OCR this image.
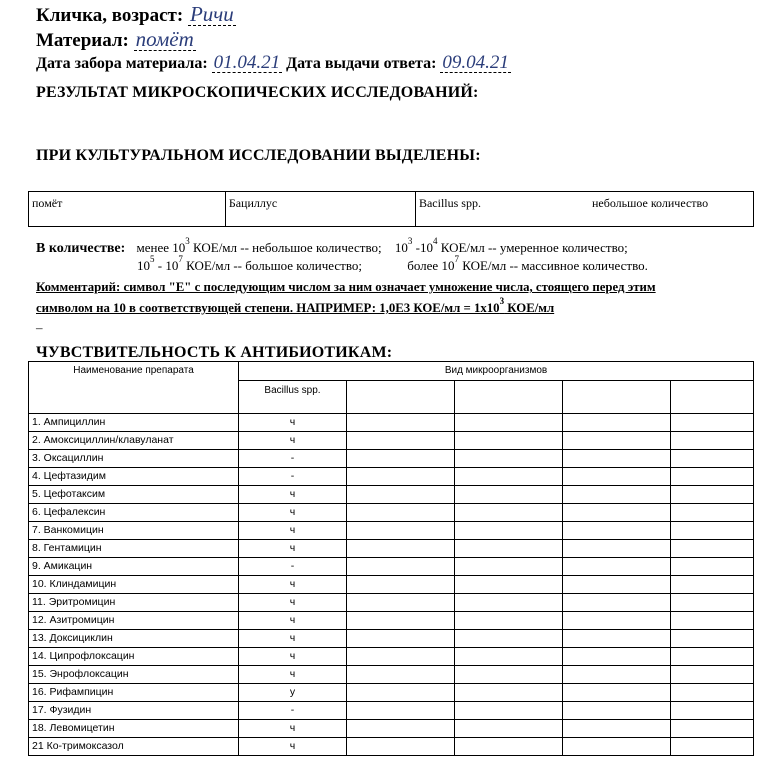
Кличка, возраст: Ричи
Материал: помёт
Дата забора материала: 01.04.21 Дата выдачи ответа: 09.04.21
РЕЗУЛЬТАТ МИКРОСКОПИЧЕСКИХ ИССЛЕДОВАНИЙ:
ПРИ КУЛЬТУРАЛЬНОМ ИССЛЕДОВАНИИ ВЫДЕЛЕНЫ:
помёт	Бациллус	Bacillus spp.	небольшое количество
В количестве: менее $10^3$ КОЕ/мл -- небольшое количество; $10^3$ $-10^4$ КОЕ/мл -- умеренное количество;
$10^5 - 10^7$ КОЕ/мл -- большое количество;	более $10^7$ КОЕ/мл -- массивное количество.
Комментарий: символ "Е" с последующим числом за ним означает умножение числа, стоящего перед этим
символом на 10 в соответствующей степени. НАПРИМЕР: 1,0Е3 $КОЕ/мл = 1х10^3$ КОЕ/мл
–
ЧУВСТВИТЕЛЬНОСТЬ К АНТИБИОТИКАМ:
Наименование препарата	Вид микроорганизмов				
	Bacillus spp.				
1. Ампициллин	ч				
2. Амоксициллин/клавуланат	ч				
3. Оксациллин	-				
4. Цефтазидим	-				
5. Цефотаксим	ч				
6. Цефалексин	ч				
7. Ванкомицин	ч				
8. Гентамицин	ч				
9. Амикацин	-				
10. Клиндамицин	ч				
11. Эритромицин	ч				
12. Азитромицин	ч				
13. Доксициклин	ч				
14. Ципрофлоксацин	ч				
15. Энрофлоксацин	ч				
16. Рифампицин	у				
17. Фузидин	-				
18. Левомицетин	ч				
21 Ко-тримоксазол	ч				
